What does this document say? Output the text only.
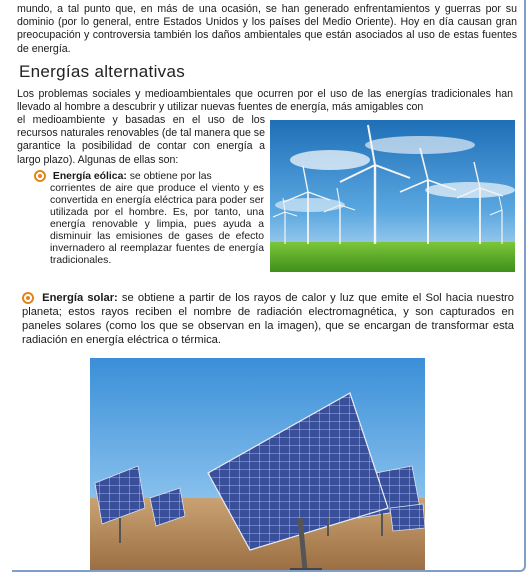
mundo, a tal punto que, en más de una ocasión, se han generado enfrentamientos y guerras por su dominio (por lo general, entre Estados Unidos y los países del Medio Oriente). Hoy en día causan gran preocupación y controversia también los daños ambientales que están asociados al uso de estas fuentes de energía.

Energías alternativas

Los problemas sociales y medioambientales que ocurren por el uso de las energías tradicionales han llevado al hombre a descubrir y utilizar nuevas fuentes de energía, más amigables con

el medioambiente y basadas en el uso de los recursos naturales renovables (de tal manera que se garantice la posibilidad de contar con energía a largo plazo). Algunas de ellas son:

Energía eólica: se obtiene por las
corrientes de aire que produce el viento y es convertida en energía eléctrica para poder ser utilizada por el hombre. Es, por tanto, una energía renovable y limpia, pues ayuda a disminuir las emisiones de gases de efecto invernadero al reemplazar fuentes de energía tradicionales.

Energía solar: se obtiene a partir de los rayos de calor y luz que emite el Sol hacia nuestro planeta; estos rayos reciben el nombre de radiación electromagnética, y son capturados en paneles solares (como los que se observan en la imagen), que se encargan de transformar esta radiación en energía eléctrica o térmica.
